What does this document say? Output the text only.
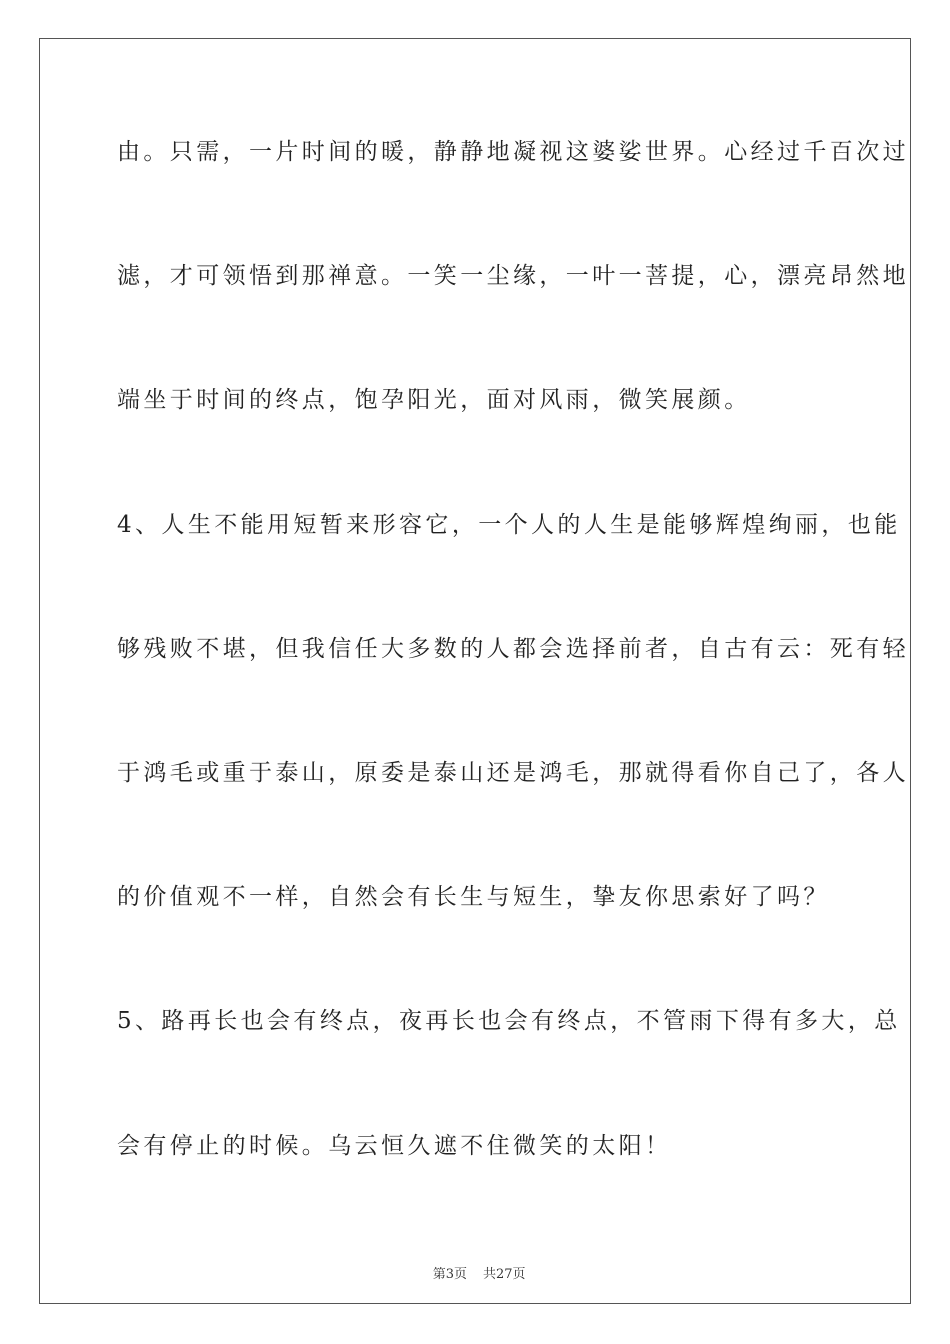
由。只需，一片时间的暖，静静地凝视这婆娑世界。心经过千百次过
滤，才可领悟到那禅意。一笑一尘缘，一叶一菩提，心，漂亮昂然地
端坐于时间的终点，饱孕阳光，面对风雨，微笑展颜。
4、人生不能用短暂来形容它，一个人的人生是能够辉煌绚丽，也能
够残败不堪，但我信任大多数的人都会选择前者，自古有云：死有轻
于鸿毛或重于泰山，原委是泰山还是鸿毛，那就得看你自己了，各人
的价值观不一样，自然会有长生与短生，挚友你思索好了吗？
5、路再长也会有终点，夜再长也会有终点，不管雨下得有多大，总
会有停止的时候。乌云恒久遮不住微笑的太阳！

第3页 共27页
